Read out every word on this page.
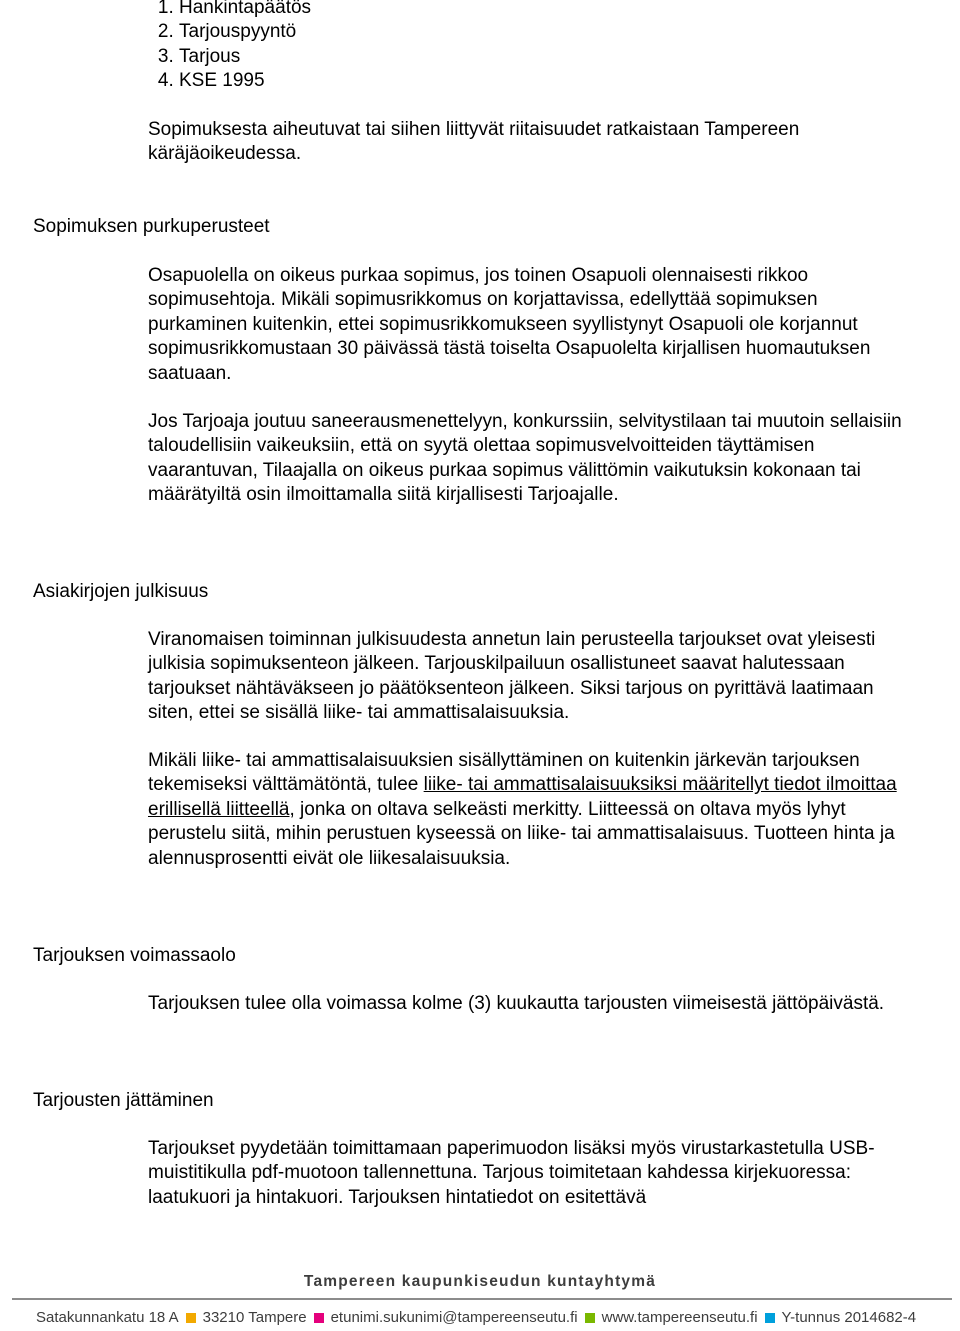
1. Hankintapäätös
2. Tarjouspyyntö
3. Tarjous
4. KSE 1995

Sopimuksesta aiheutuvat tai siihen liittyvät riitaisuudet ratkaistaan Tampereen käräjäoikeudessa.

Sopimuksen purkuperusteet

Osapuolella on oikeus purkaa sopimus, jos toinen Osapuoli olennaisesti rikkoo sopimusehtoja. Mikäli sopimusrikkomus on korjattavissa, edellyttää sopimuksen purkaminen kuitenkin, ettei sopimusrikkomukseen syyllistynyt Osapuoli ole korjannut sopimusrikkomustaan 30 päivässä tästä toiselta Osapuolelta kirjallisen huomautuksen saatuaan.

Jos Tarjoaja joutuu saneerausmenettelyyn, konkurssiin, selvitystilaan tai muutoin sellaisiin taloudellisiin vaikeuksiin, että on syytä olettaa sopimusvelvoitteiden täyttämisen vaarantuvan, Tilaajalla on oikeus purkaa sopimus välittömin vaikutuksin kokonaan tai määrätyiltä osin ilmoittamalla siitä kirjallisesti Tarjoajalle.

Asiakirjojen julkisuus

Viranomaisen toiminnan julkisuudesta annetun lain perusteella tarjoukset ovat yleisesti julkisia sopimuksenteon jälkeen. Tarjouskilpailuun osallistuneet saavat halutessaan tarjoukset nähtäväkseen jo päätöksenteon jälkeen. Siksi tarjous on pyrittävä laatimaan siten, ettei se sisällä liike- tai ammattisalaisuuksia.

Mikäli liike- tai ammattisalaisuuksien sisällyttäminen on kuitenkin järkevän tarjouksen tekemiseksi välttämätöntä, tulee liike- tai ammattisalaisuuksiksi määritellyt tiedot ilmoittaa erillisellä liitteellä, jonka on oltava selkeästi merkitty. Liitteessä on oltava myös lyhyt perustelu siitä, mihin perustuen kyseessä on liike- tai ammattisalaisuus. Tuotteen hinta ja alennusprosentti eivät ole liikesalaisuuksia.

Tarjouksen voimassaolo

Tarjouksen tulee olla voimassa kolme (3) kuukautta tarjousten viimeisestä jättöpäivästä.

Tarjousten jättäminen

Tarjoukset pyydetään toimittamaan paperimuodon lisäksi myös virustarkastetulla USB-muistitikulla pdf-muotoon tallennettuna. Tarjous toimitetaan kahdessa kirjekuoressa: laatukuori ja hintakuori. Tarjouksen hintatiedot on esitettävä

Tampereen kaupunkiseudun kuntayhtymä
Satakunnankatu 18 A 33210 Tampere etunimi.sukunimi@tampereenseutu.fi www.tampereenseutu.fi Y-tunnus 2014682-4
